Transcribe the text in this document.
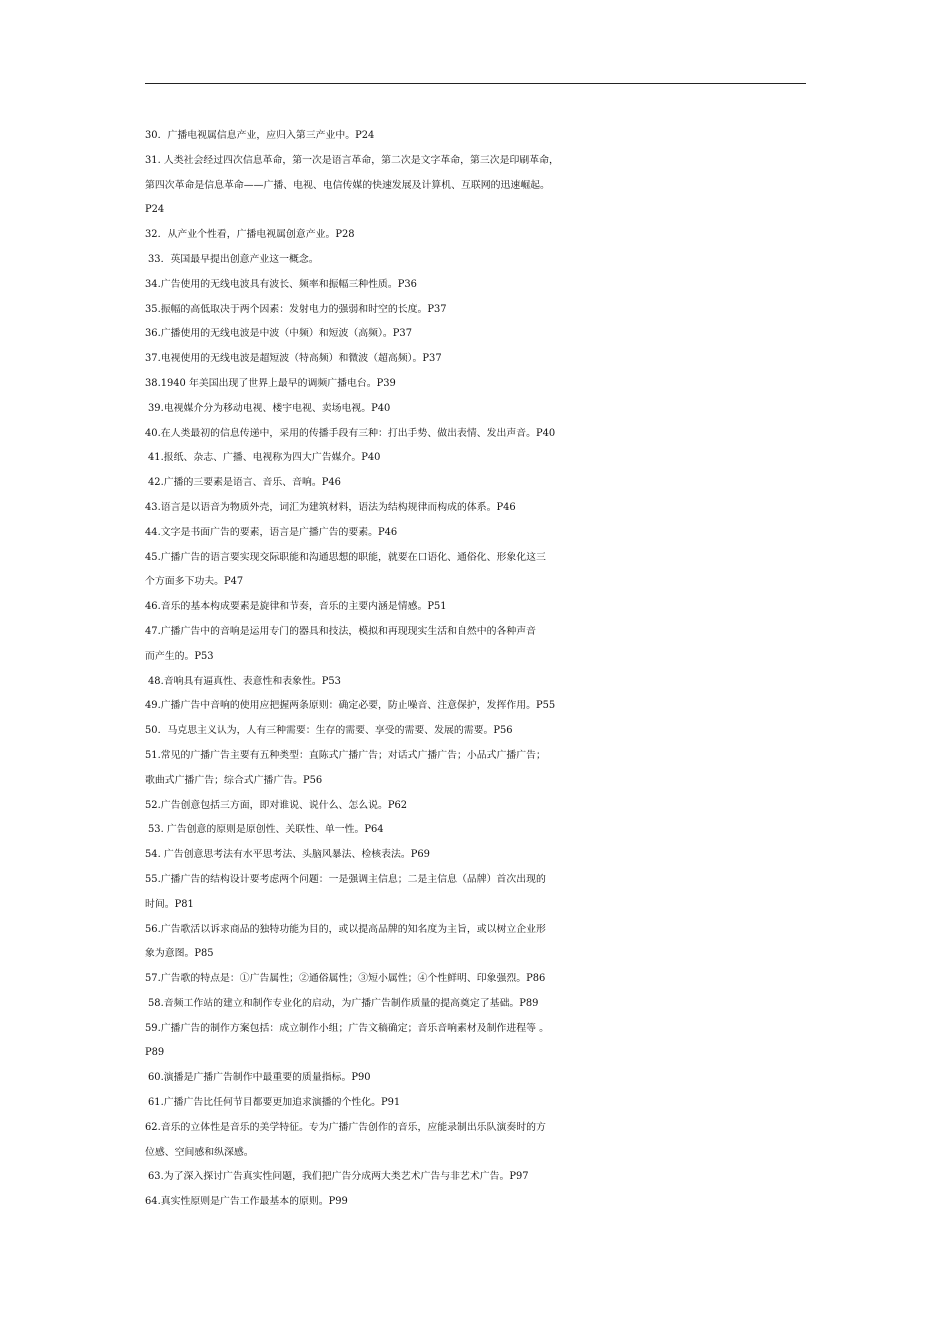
30．广播电视属信息产业，应归入第三产业中。P24
31. 人类社会经过四次信息革命，第一次是语言革命，第二次是文字革命，第三次是印刷革命，
第四次革命是信息革命——广播、电视、电信传媒的快速发展及计算机、互联网的迅速崛起。
P24
32．从产业个性看，广播电视属创意产业。P28
33．英国最早提出创意产业这一概念。
34.广告使用的无线电波具有波长、频率和振幅三种性质。P36
35.振幅的高低取决于两个因素：发射电力的强弱和时空的长度。P37
36.广播使用的无线电波是中波（中频）和短波（高频）。P37
37.电视使用的无线电波是超短波（特高频）和微波（超高频）。P37
38.1940 年美国出现了世界上最早的调频广播电台。P39
39.电视媒介分为移动电视、楼宇电视、卖场电视。P40
40.在人类最初的信息传递中，采用的传播手段有三种：打出手势、做出表情、发出声音。P40
41.报纸、杂志、广播、电视称为四大广告媒介。P40
42.广播的三要素是语言、音乐、音响。P46
43.语言是以语音为物质外壳，词汇为建筑材料，语法为结构规律而构成的体系。P46
44.文字是书面广告的要素，语言是广播广告的要素。P46
45.广播广告的语言要实现交际职能和沟通思想的职能，就要在口语化、通俗化、形象化这三
个方面多下功夫。P47
46.音乐的基本构成要素是旋律和节奏，音乐的主要内涵是情感。P51
47.广播广告中的音响是运用专门的器具和技法，模拟和再现现实生活和自然中的各种声音
而产生的。P53
48.音响具有逼真性、表意性和表象性。P53
49.广播广告中音响的使用应把握两条原则：确定必要，防止噪音、注意保护，发挥作用。P55
50．马克思主义认为，人有三种需要：生存的需要、享受的需要、发展的需要。P56
51.常见的广播广告主要有五种类型：直陈式广播广告；对话式广播广告；小品式广播广告；
歌曲式广播广告；综合式广播广告。P56
52.广告创意包括三方面，即对谁说、说什么、怎么说。P62
53. 广告创意的原则是原创性、关联性、单一性。P64
54. 广告创意思考法有水平思考法、头脑风暴法、检核表法。P69
55.广播广告的结构设计要考虑两个问题：一是强调主信息；二是主信息（品牌）首次出现的
时间。P81
56.广告歌活以诉求商品的独特功能为目的，或以提高品牌的知名度为主旨，或以树立企业形
象为意图。P85
57.广告歌的特点是：①广告属性；②通俗属性；③短小属性；④个性鲜明、印象强烈。P86
58.音频工作站的建立和制作专业化的启动，为广播广告制作质量的提高奠定了基础。P89
59.广播广告的制作方案包括：成立制作小组；广告文稿确定；音乐音响素材及制作进程等 。
P89
60.演播是广播广告制作中最重要的质量指标。P90
61.广播广告比任何节目都要更加追求演播的个性化。P91
62.音乐的立体性是音乐的美学特征。专为广播广告创作的音乐，应能录制出乐队演奏时的方
位感、空间感和纵深感。
63.为了深入探讨广告真实性问题，我们把广告分成两大类艺术广告与非艺术广告。P97
64.真实性原则是广告工作最基本的原则。P99
